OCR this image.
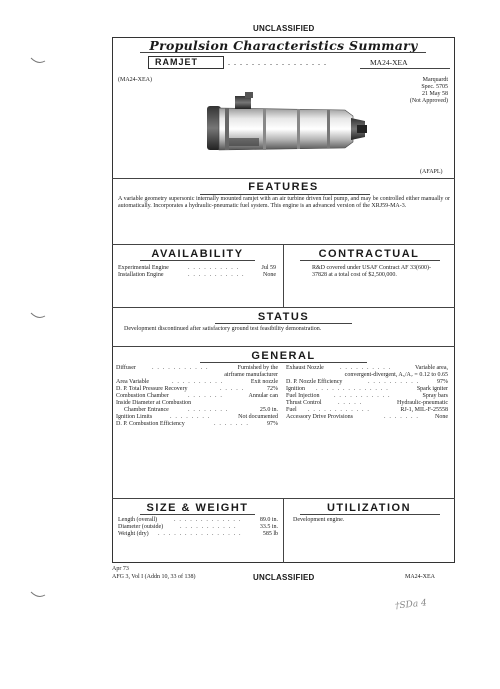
UNCLASSIFIED
Propulsion Characteristics Summary
RAMJET	. . . . . . . . . . . . . . . . .	MA24-XEA
(MA24-XEA)	Marquardt
Spec. 5705
21 May 58
(Not Approved)
(AFAPL)
FEATURES
A variable geometry supersonic internally mounted ramjet with an air turbine driven fuel pump, and may be controlled either manually or automatically. Incorporates a hydraulic-pneumatic fuel system. This engine is an advanced version of the XRJ59-MA-3.
AVAILABILITY
Experimental Engine	. . . . . . . . . .	Jul 59
Installation Engine	. . . . . . . . . . .	None
CONTRACTUAL
R&D covered under USAF Contract AF 33(600)-
37828 at a total cost of $2,500,000.
STATUS
Development discontinued after satisfactory ground test feasibility demonstration.
GENERAL
Diffuser	. . . . . . . . . . .	Furnished by the
airframe manufacturer
Area Variable	. . . . . . . . . .	Exit nozzle
D. P. Total Pressure Recovery	. . . . .	72%
Combustion Chamber	. . . . . . .	Annular can
Inside Diameter at Combustion
Chamber Entrance	. . . . . . . .	25.0 in.
Ignition Limits	. . . . . . . .	Not documented
D. P. Combustion Efficiency	. . . . . . .	97%
Exhaust Nozzle	. . . . . . . . . .	Variable area,
convergent-divergent, A₅/A₇ = 0.12 to 0.65
D. P. Nozzle Efficiency	. . . . . . . . . .	97%
Ignition . . . . . . . . . . . . . .	Spark igniter
Fuel Injection . . . . . . . . . . .	Spray bars
Thrust Control	. . . . .	Hydraulic-pneumatic
Fuel . . . . . . . . . . . .	RJ-1, MIL-F-25558
Accessory Drive Provisions	. . . . . . .	None
SIZE & WEIGHT
Length (overall)	. . . . . . . . . . . . .	89.0 in.
Diameter (outside)	. . . . . . . . . . .	33.5 in.
Weight (dry) . . . . . . . . . . . . . . . .	585 lb
UTILIZATION
Development engine.
Apr 73
AFG 3, Vol I (Addn 10, 33 of 138)	UNCLASSIFIED	MA24-XEA
†SDa 4
